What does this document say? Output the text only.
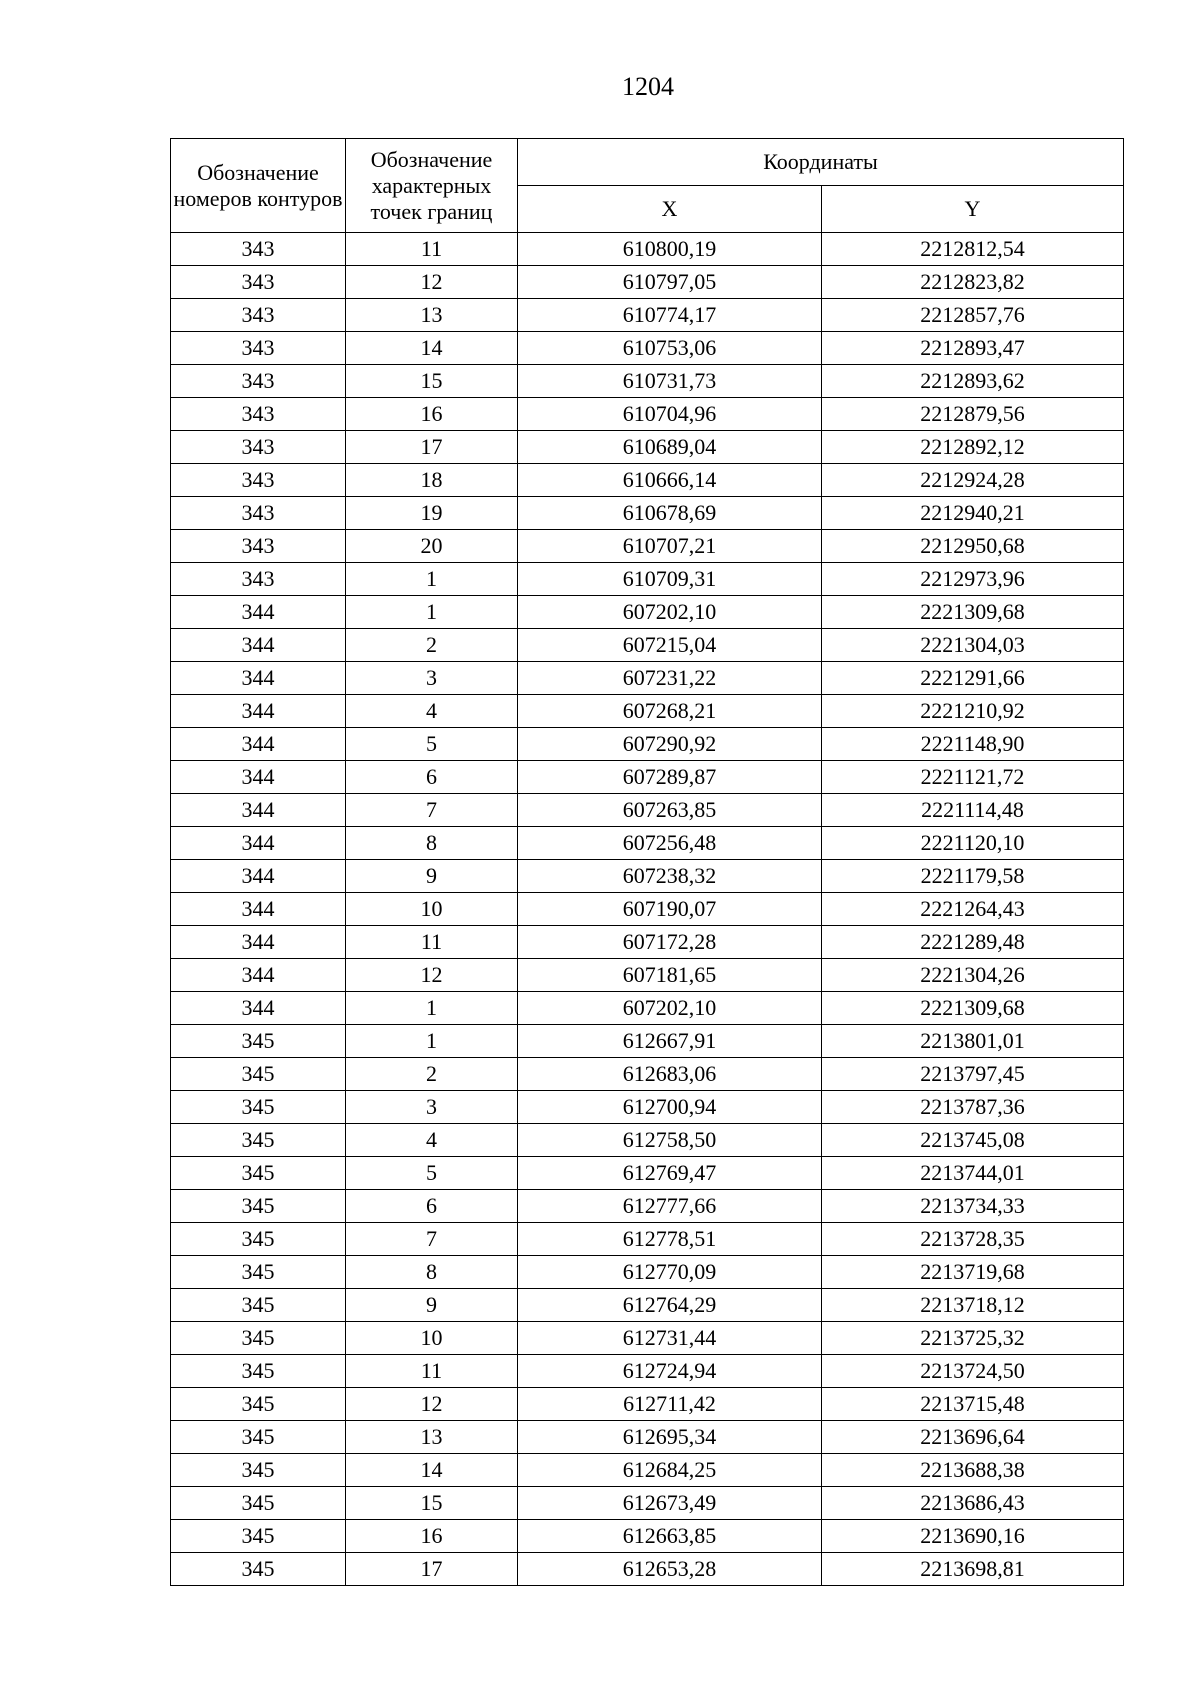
1204
Обозначение номеров контуров	Обозначение характерных точек границ	Координаты	
		X	Y
343	11	610800,19	2212812,54
343	12	610797,05	2212823,82
343	13	610774,17	2212857,76
343	14	610753,06	2212893,47
343	15	610731,73	2212893,62
343	16	610704,96	2212879,56
343	17	610689,04	2212892,12
343	18	610666,14	2212924,28
343	19	610678,69	2212940,21
343	20	610707,21	2212950,68
343	1	610709,31	2212973,96
344	1	607202,10	2221309,68
344	2	607215,04	2221304,03
344	3	607231,22	2221291,66
344	4	607268,21	2221210,92
344	5	607290,92	2221148,90
344	6	607289,87	2221121,72
344	7	607263,85	2221114,48
344	8	607256,48	2221120,10
344	9	607238,32	2221179,58
344	10	607190,07	2221264,43
344	11	607172,28	2221289,48
344	12	607181,65	2221304,26
344	1	607202,10	2221309,68
345	1	612667,91	2213801,01
345	2	612683,06	2213797,45
345	3	612700,94	2213787,36
345	4	612758,50	2213745,08
345	5	612769,47	2213744,01
345	6	612777,66	2213734,33
345	7	612778,51	2213728,35
345	8	612770,09	2213719,68
345	9	612764,29	2213718,12
345	10	612731,44	2213725,32
345	11	612724,94	2213724,50
345	12	612711,42	2213715,48
345	13	612695,34	2213696,64
345	14	612684,25	2213688,38
345	15	612673,49	2213686,43
345	16	612663,85	2213690,16
345	17	612653,28	2213698,81
